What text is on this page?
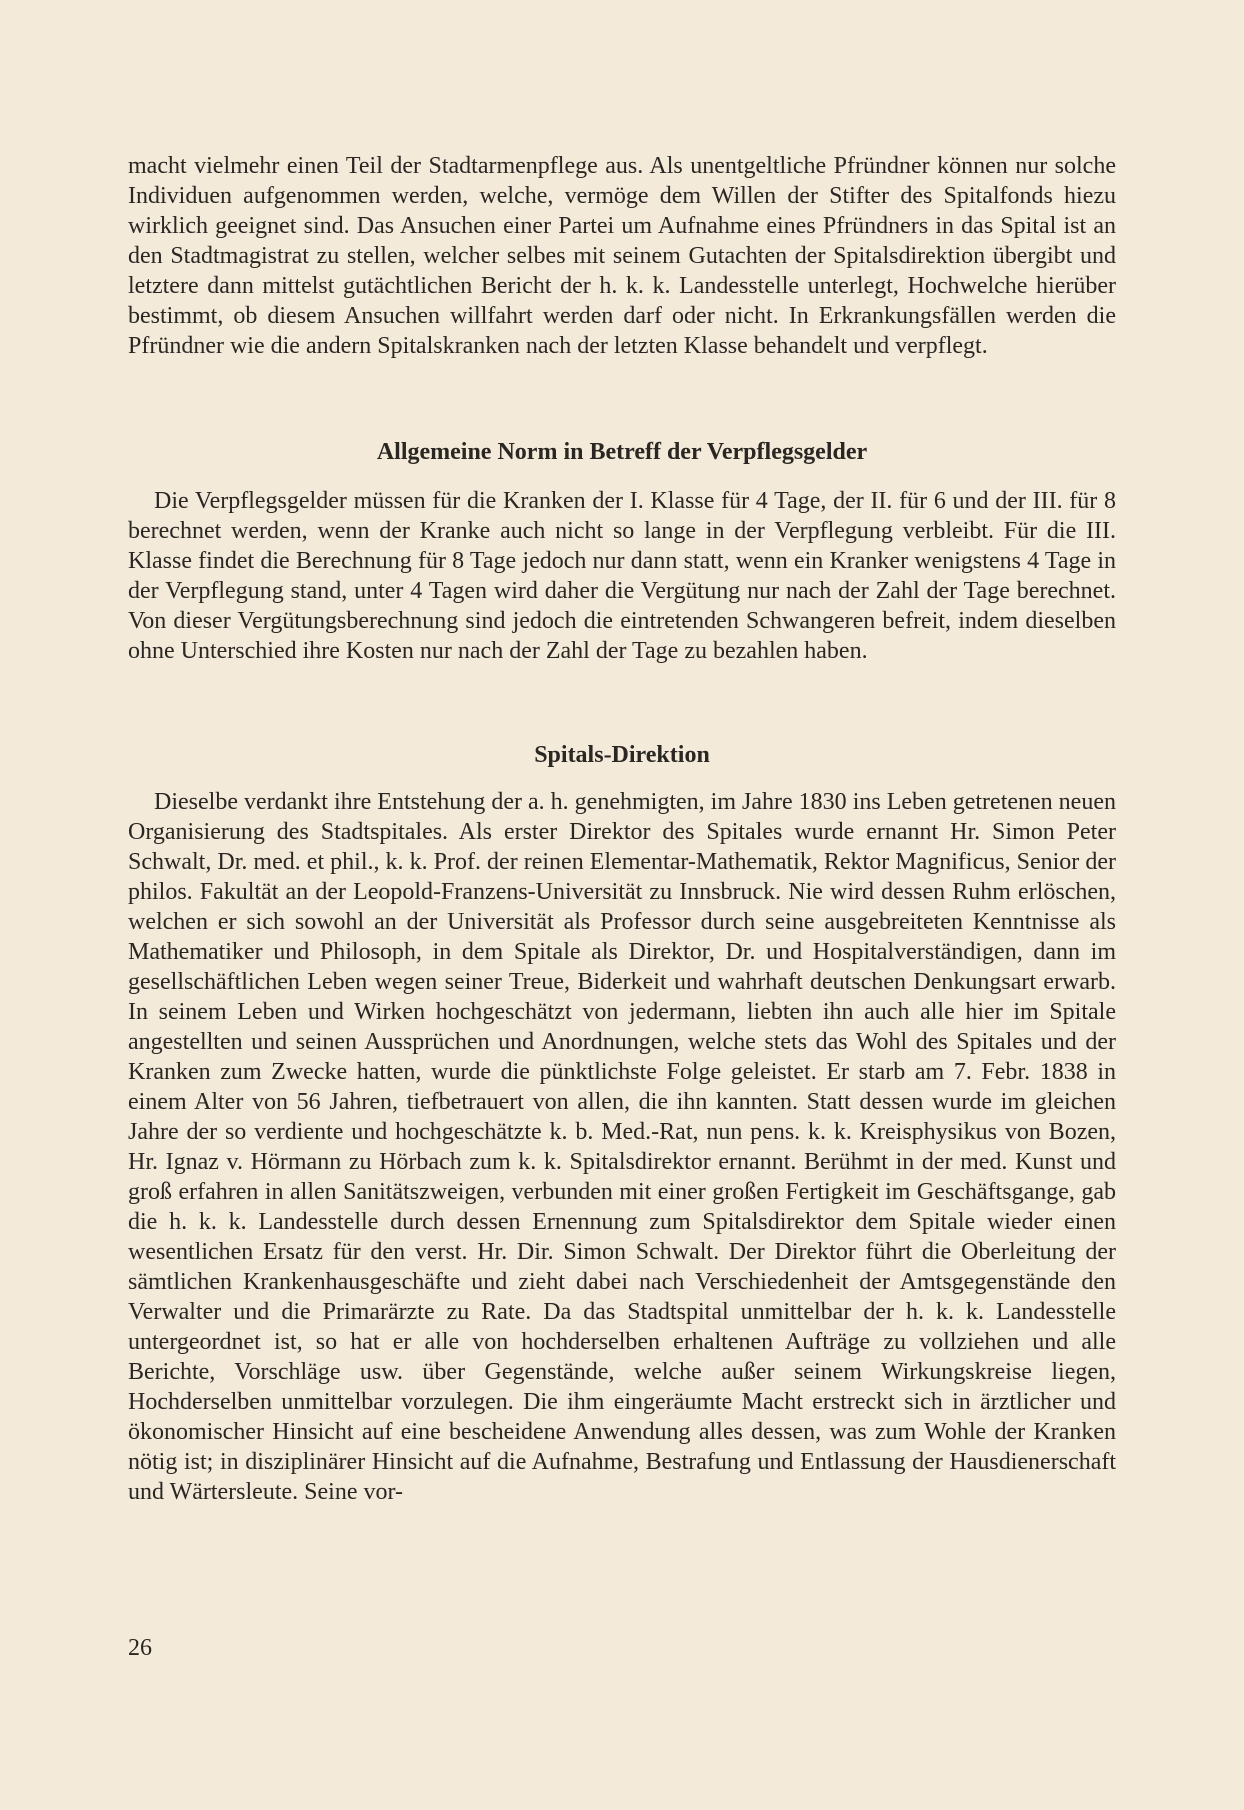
macht vielmehr einen Teil der Stadtarmenpflege aus. Als unentgeltliche Pfründner können nur solche Individuen aufgenommen werden, welche, vermöge dem Willen der Stifter des Spitalfonds hiezu wirklich geeignet sind. Das Ansuchen einer Partei um Aufnahme eines Pfründners in das Spital ist an den Stadtmagistrat zu stellen, welcher selbes mit seinem Gutachten der Spitalsdirektion übergibt und letztere dann mittelst gutächtlichen Bericht der h. k. k. Landesstelle unterlegt, Hochwelche hierüber bestimmt, ob diesem Ansuchen willfahrt werden darf oder nicht. In Erkrankungsfällen werden die Pfründner wie die andern Spitalskranken nach der letzten Klasse behandelt und verpflegt.

Allgemeine Norm in Betreff der Verpflegsgelder

Die Verpflegsgelder müssen für die Kranken der I. Klasse für 4 Tage, der II. für 6 und der III. für 8 berechnet werden, wenn der Kranke auch nicht so lange in der Verpflegung verbleibt. Für die III. Klasse findet die Berechnung für 8 Tage jedoch nur dann statt, wenn ein Kranker wenigstens 4 Tage in der Verpflegung stand, unter 4 Tagen wird daher die Vergütung nur nach der Zahl der Tage berechnet. Von dieser Vergütungsberechnung sind jedoch die eintretenden Schwangeren befreit, indem dieselben ohne Unterschied ihre Kosten nur nach der Zahl der Tage zu bezahlen haben.

Spitals-Direktion

Dieselbe verdankt ihre Entstehung der a. h. genehmigten, im Jahre 1830 ins Leben getretenen neuen Organisierung des Stadtspitales. Als erster Direktor des Spitales wurde ernannt Hr. Simon Peter Schwalt, Dr. med. et phil., k. k. Prof. der reinen Elementar-Mathematik, Rektor Magnificus, Senior der philos. Fakultät an der Leopold-Franzens-Universität zu Innsbruck. Nie wird dessen Ruhm erlöschen, welchen er sich sowohl an der Universität als Professor durch seine ausgebreiteten Kenntnisse als Mathematiker und Philosoph, in dem Spitale als Direktor, Dr. und Hospitalverständigen, dann im gesellschäftlichen Leben wegen seiner Treue, Biderkeit und wahrhaft deutschen Denkungsart erwarb. In seinem Leben und Wirken hochgeschätzt von jedermann, liebten ihn auch alle hier im Spitale angestellten und seinen Aussprüchen und Anordnungen, welche stets das Wohl des Spitales und der Kranken zum Zwecke hatten, wurde die pünktlichste Folge geleistet. Er starb am 7. Febr. 1838 in einem Alter von 56 Jahren, tiefbetrauert von allen, die ihn kannten. Statt dessen wurde im gleichen Jahre der so verdiente und hochgeschätzte k. b. Med.-Rat, nun pens. k. k. Kreisphysikus von Bozen, Hr. Ignaz v. Hörmann zu Hörbach zum k. k. Spitalsdirektor ernannt. Berühmt in der med. Kunst und groß erfahren in allen Sanitätszweigen, verbunden mit einer großen Fertigkeit im Geschäftsgange, gab die h. k. k. Landesstelle durch dessen Ernennung zum Spitalsdirektor dem Spitale wieder einen wesentlichen Ersatz für den verst. Hr. Dir. Simon Schwalt. Der Direktor führt die Oberleitung der sämtlichen Krankenhausgeschäfte und zieht dabei nach Verschiedenheit der Amtsgegenstände den Verwalter und die Primarärzte zu Rate. Da das Stadtspital unmittelbar der h. k. k. Landesstelle untergeordnet ist, so hat er alle von hochderselben erhaltenen Aufträge zu vollziehen und alle Berichte, Vorschläge usw. über Gegenstände, welche außer seinem Wirkungskreise liegen, Hochderselben unmittelbar vorzulegen. Die ihm eingeräumte Macht erstreckt sich in ärztlicher und ökonomischer Hinsicht auf eine bescheidene Anwendung alles dessen, was zum Wohle der Kranken nötig ist; in disziplinärer Hinsicht auf die Aufnahme, Bestrafung und Entlassung der Hausdienerschaft und Wärtersleute. Seine vor-

26
